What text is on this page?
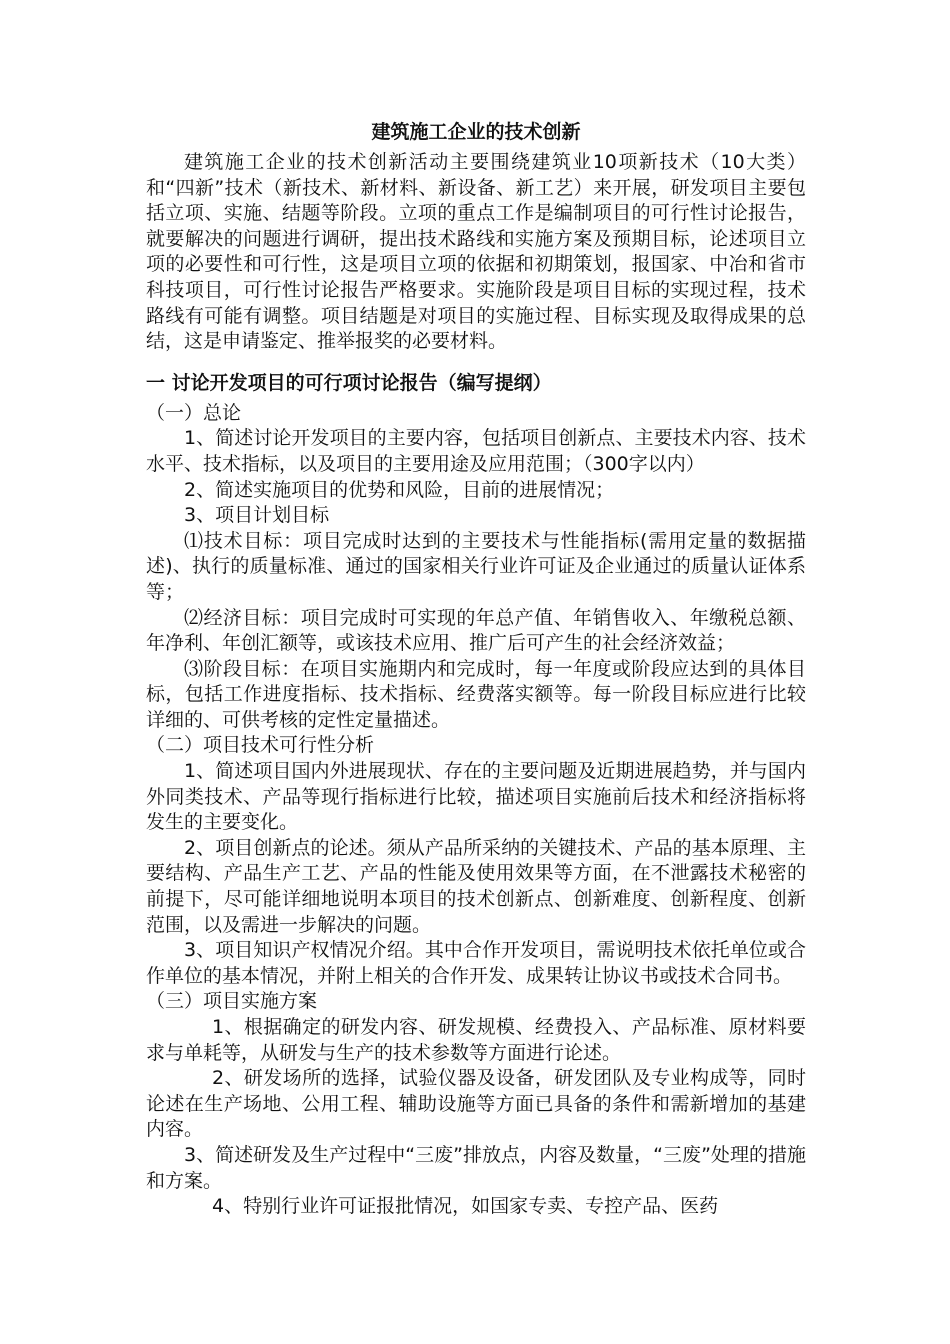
建筑施工企业的技术创新

建筑施工企业的技术创新活动主要围绕建筑业10项新技术（10大类）和“四新”技术（新技术、新材料、新设备、新工艺）来开展，研发项目主要包括立项、实施、结题等阶段。立项的重点工作是编制项目的可行性讨论报告，就要解决的问题进行调研，提出技术路线和实施方案及预期目标，论述项目立项的必要性和可行性，这是项目立项的依据和初期策划，报国家、中冶和省市科技项目，可行性讨论报告严格要求。实施阶段是项目目标的实现过程，技术路线有可能有调整。项目结题是对项目的实施过程、目标实现及取得成果的总结，这是申请鉴定、推举报奖的必要材料。

一 讨论开发项目的可行项讨论报告（编写提纲）

（一）总论

1、简述讨论开发项目的主要内容，包括项目创新点、主要技术内容、技术水平、技术指标，以及项目的主要用途及应用范围；（300字以内）

2、简述实施项目的优势和风险，目前的进展情况；

3、项目计划目标

⑴技术目标：项目完成时达到的主要技术与性能指标(需用定量的数据描述)、执行的质量标准、通过的国家相关行业许可证及企业通过的质量认证体系等；

⑵经济目标：项目完成时可实现的年总产值、年销售收入、年缴税总额、年净利、年创汇额等，或该技术应用、推广后可产生的社会经济效益；

⑶阶段目标：在项目实施期内和完成时，每一年度或阶段应达到的具体目标，包括工作进度指标、技术指标、经费落实额等。每一阶段目标应进行比较详细的、可供考核的定性定量描述。

（二）项目技术可行性分析

1、简述项目国内外进展现状、存在的主要问题及近期进展趋势，并与国内外同类技术、产品等现行指标进行比较，描述项目实施前后技术和经济指标将发生的主要变化。

2、项目创新点的论述。须从产品所采纳的关键技术、产品的基本原理、主要结构、产品生产工艺、产品的性能及使用效果等方面，在不泄露技术秘密的前提下，尽可能详细地说明本项目的技术创新点、创新难度、创新程度、创新范围，以及需进一步解决的问题。

3、项目知识产权情况介绍。其中合作开发项目，需说明技术依托单位或合作单位的基本情况，并附上相关的合作开发、成果转让协议书或技术合同书。

（三）项目实施方案

1、根据确定的研发内容、研发规模、经费投入、产品标准、原材料要求与单耗等，从研发与生产的技术参数等方面进行论述。

2、研发场所的选择，试验仪器及设备，研发团队及专业构成等，同时论述在生产场地、公用工程、辅助设施等方面已具备的条件和需新增加的基建内容。

3、简述研发及生产过程中“三废”排放点，内容及数量，“三废”处理的措施和方案。

4、特别行业许可证报批情况，如国家专卖、专控产品、医药
